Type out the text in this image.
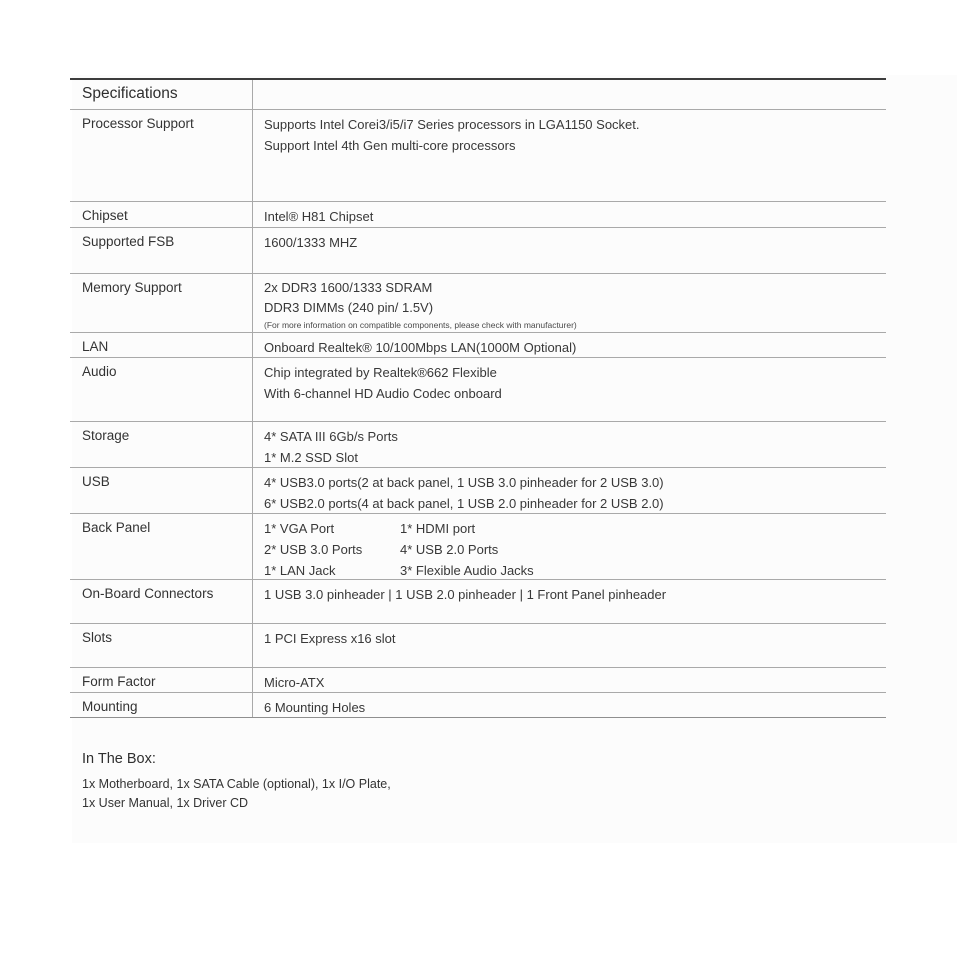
Specifications
Processor Support	Supports Intel Corei3/i5/i7 Series processors in LGA1150 Socket.
Support Intel 4th Gen multi-core processors
Chipset	Intel® H81 Chipset
Supported FSB	1600/1333 MHZ
Memory Support	2x DDR3 1600/1333 SDRAM
DDR3 DIMMs (240 pin/ 1.5V)
(For more information on compatible components, please check with manufacturer)
LAN	Onboard Realtek® 10/100Mbps LAN(1000M Optional)
Audio	Chip integrated by Realtek®662 Flexible
With 6-channel HD Audio Codec onboard
Storage	4* SATA III 6Gb/s Ports
1* M.2 SSD Slot
USB	4* USB3.0 ports(2 at back panel, 1 USB 3.0 pinheader for 2 USB 3.0)
6* USB2.0 ports(4 at back panel, 1 USB 2.0 pinheader for 2 USB 2.0)
Back Panel	1* VGA Port	1* HDMI port
2* USB 3.0 Ports	4* USB 2.0 Ports
1* LAN Jack	3* Flexible Audio Jacks
On-Board Connectors	1 USB 3.0 pinheader | 1 USB 2.0 pinheader | 1 Front Panel pinheader
Slots	1 PCI Express x16 slot
Form Factor	Micro-ATX
Mounting	6 Mounting Holes
In The Box:
1x Motherboard, 1x SATA Cable (optional), 1x I/O Plate,
1x User Manual, 1x Driver CD
